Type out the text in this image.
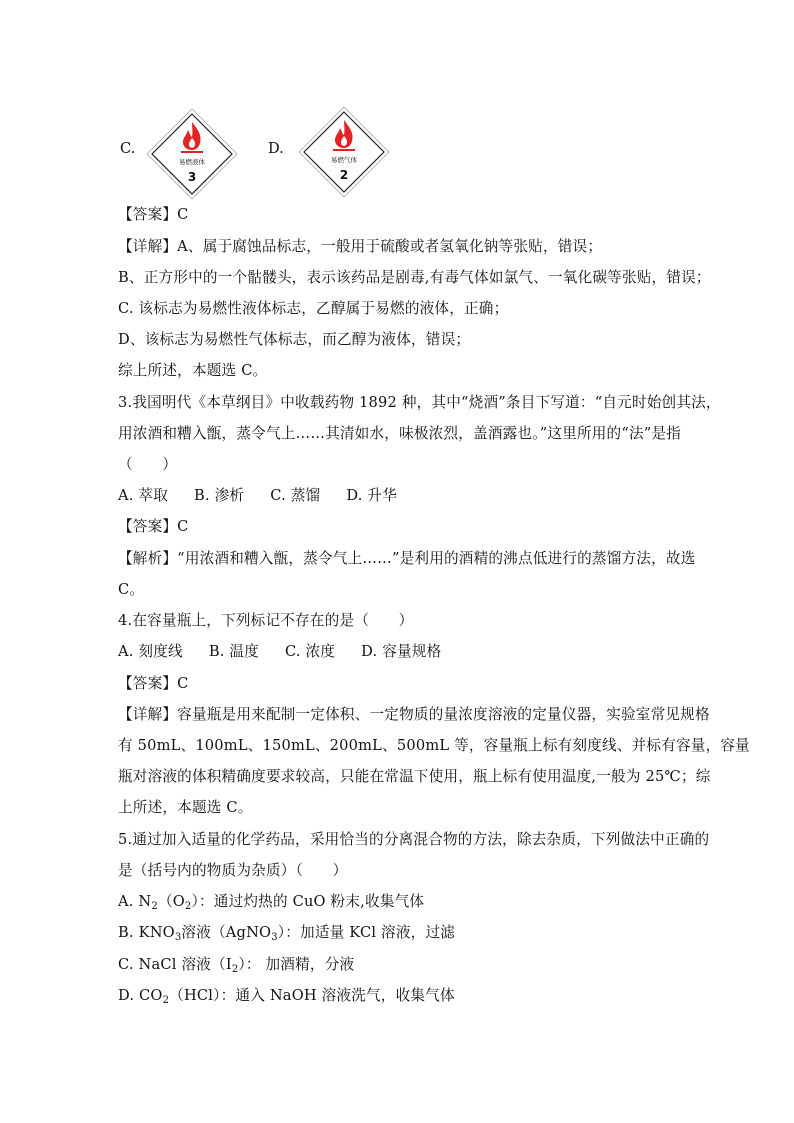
C.
易燃液体
3
D.
易燃气体
2
【答案】C
【详解】A、属于腐蚀品标志，一般用于硫酸或者氢氧化钠等张贴，错误；
B、正方形中的一个骷髅头，表示该药品是剧毒,有毒气体如氯气、一氧化碳等张贴，错误；
C. 该标志为易燃性液体标志，乙醇属于易燃的液体，正确；
D、该标志为易燃性气体标志，而乙醇为液体，错误；
综上所述，本题选 C。
3.我国明代《本草纲目》中收载药物 1892 种，其中“烧酒”条目下写道：“自元时始创其法，
用浓酒和糟入甑，蒸令气上……其清如水，味极浓烈，盖酒露也。”这里所用的“法”是指
（　　）
A. 萃取 B. 渗析 C. 蒸馏 D. 升华
【答案】C
【解析】“用浓酒和糟入甑，蒸令气上……”是利用的酒精的沸点低进行的蒸馏方法，故选
C。
4.在容量瓶上，下列标记不存在的是（　　）
A. 刻度线 B. 温度 C. 浓度 D. 容量规格
【答案】C
【详解】容量瓶是用来配制一定体积、一定物质的量浓度溶液的定量仪器，实验室常见规格
有 50mL、100mL、150mL、200mL、500mL 等，容量瓶上标有刻度线、并标有容量，容量
瓶对溶液的体积精确度要求较高，只能在常温下使用，瓶上标有使用温度,一般为 25℃；综
上所述，本题选 C。
5.通过加入适量的化学药品，采用恰当的分离混合物的方法，除去杂质，下列做法中正确的
是（括号内的物质为杂质）（　　）
A. $N_2(O_2)$：通过灼热的 CuO 粉末,收集气体
B. $KNO_3$溶液（AgNO$_3$）：加适量 KCl 溶液，过滤
C. NaCl 溶液$(I_2)$： 加酒精，分液
D. $CO_2(HCl)$：通入 NaOH 溶液洗气，收集气体
